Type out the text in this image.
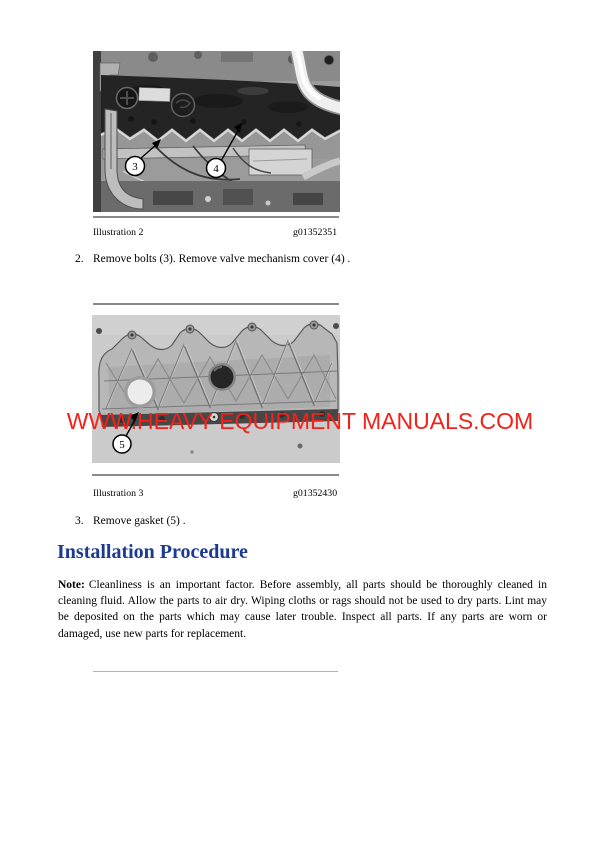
3	4
Illustration 2	g01352351
2. Remove bolts (3). Remove valve mechanism cover (4) .
5
Illustration 3	g01352430
3. Remove gasket (5) .
Installation Procedure

Note: Cleanliness is an important factor. Before assembly, all parts should be thoroughly cleaned in cleaning fluid. Allow the parts to air dry. Wiping cloths or rags should not be used to dry parts. Lint may be deposited on the parts which may cause later trouble. Inspect all parts. If any parts are worn or damaged, use new parts for replacement.

WWW.HEAVY EQUIPMENT MANUALS.COM
